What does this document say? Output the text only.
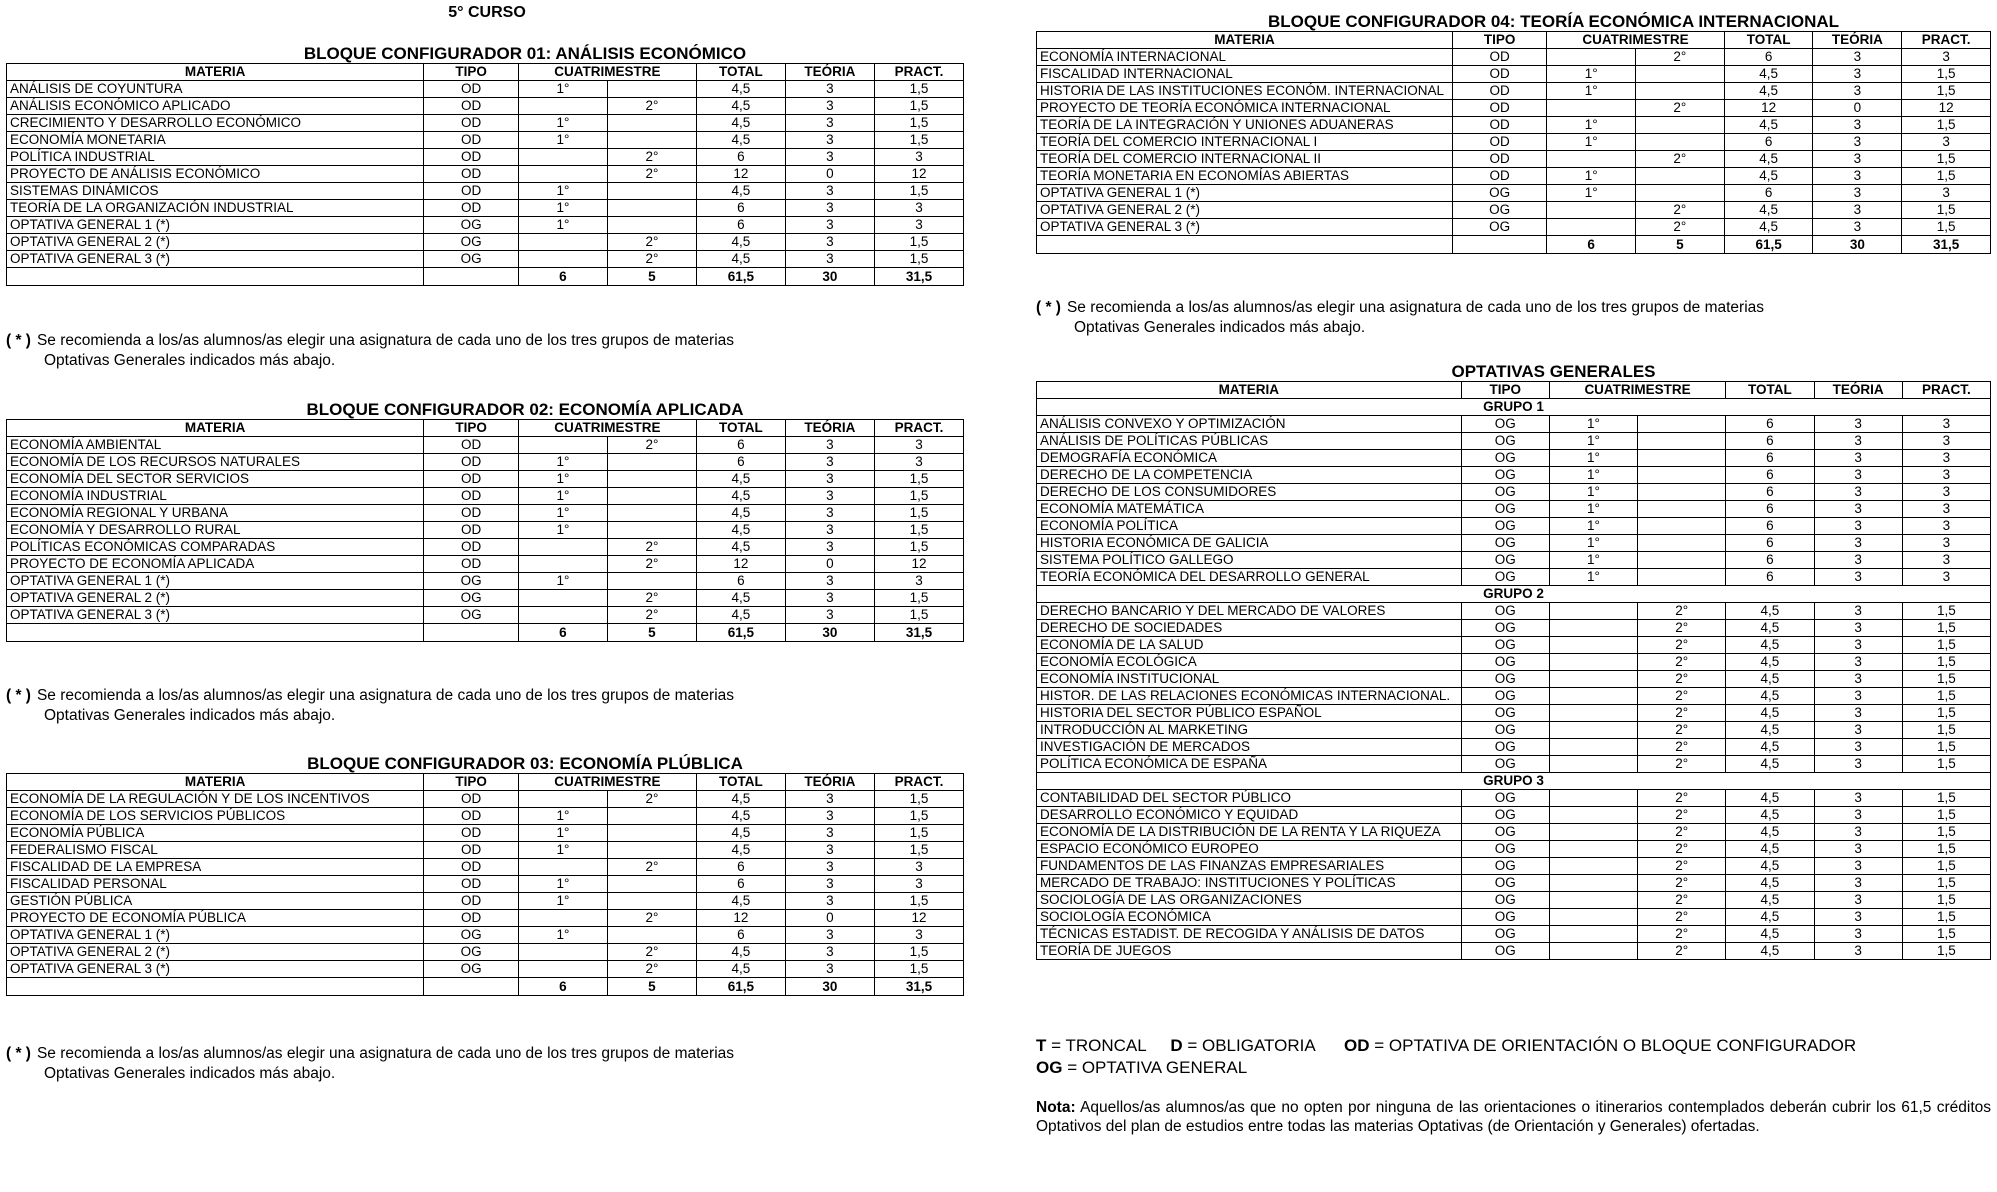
5° CURSO
BLOQUE CONFIGURADOR 01: ANÁLISIS ECONÓMICO
MATERIA	TIPO	CUATRIMESTRE		TOTAL	TEÓRIA	PRACT.
ANÁLISIS DE COYUNTURA	OD	1°		4,5	3	1,5
ANÁLISIS ECONÓMICO APLICADO	OD		2°	4,5	3	1,5
CRECIMIENTO Y DESARROLLO ECONÓMICO	OD	1°		4,5	3	1,5
ECONOMÍA MONETARIA	OD	1°		4,5	3	1,5
POLÍTICA INDUSTRIAL	OD		2°	6	3	3
PROYECTO DE ANÁLISIS ECONÓMICO	OD		2°	12	0	12
SISTEMAS DINÁMICOS	OD	1°		4,5	3	1,5
TEORÍA DE LA ORGANIZACIÓN INDUSTRIAL	OD	1°		6	3	3
OPTATIVA GENERAL 1 (*)	OG	1°		6	3	3
OPTATIVA GENERAL 2 (*)	OG		2°	4,5	3	1,5
OPTATIVA GENERAL 3 (*)	OG		2°	4,5	3	1,5
		6	5	61,5	30	31,5
( * ) Se recomienda a los/as alumnos/as elegir una asignatura de cada uno de los tres grupos de materias
Optativas Generales indicados más abajo.
BLOQUE CONFIGURADOR 02: ECONOMÍA APLICADA
MATERIA	TIPO	CUATRIMESTRE		TOTAL	TEÓRIA	PRACT.
ECONOMÍA AMBIENTAL	OD		2°	6	3	3
ECONOMÍA DE LOS RECURSOS NATURALES	OD	1°		6	3	3
ECONOMÍA DEL SECTOR SERVICIOS	OD	1°		4,5	3	1,5
ECONOMÍA INDUSTRIAL	OD	1°		4,5	3	1,5
ECONOMÍA REGIONAL Y URBANA	OD	1°		4,5	3	1,5
ECONOMÍA Y DESARROLLO RURAL	OD	1°		4,5	3	1,5
POLÍTICAS ECONÓMICAS COMPARADAS	OD		2°	4,5	3	1,5
PROYECTO DE ECONOMÍA APLICADA	OD		2°	12	0	12
OPTATIVA GENERAL 1 (*)	OG	1°		6	3	3
OPTATIVA GENERAL 2 (*)	OG		2°	4,5	3	1,5
OPTATIVA GENERAL 3 (*)	OG		2°	4,5	3	1,5
		6	5	61,5	30	31,5
( * ) Se recomienda a los/as alumnos/as elegir una asignatura de cada uno de los tres grupos de materias
Optativas Generales indicados más abajo.
BLOQUE CONFIGURADOR 03: ECONOMÍA PLÚBLICA
MATERIA	TIPO	CUATRIMESTRE		TOTAL	TEÓRIA	PRACT.
ECONOMÍA DE LA REGULACIÓN Y DE LOS INCENTIVOS	OD		2°	4,5	3	1,5
ECONOMÍA DE LOS SERVICIOS PÚBLICOS	OD	1°		4,5	3	1,5
ECONOMÍA PÚBLICA	OD	1°		4,5	3	1,5
FEDERALISMO FISCAL	OD	1°		4,5	3	1,5
FISCALIDAD DE LA EMPRESA	OD		2°	6	3	3
FISCALIDAD PERSONAL	OD	1°		6	3	3
GESTIÓN PÚBLICA	OD	1°		4,5	3	1,5
PROYECTO DE ECONOMÍA PÚBLICA	OD		2°	12	0	12
OPTATIVA GENERAL 1 (*)	OG	1°		6	3	3
OPTATIVA GENERAL 2 (*)	OG		2°	4,5	3	1,5
OPTATIVA GENERAL 3 (*)	OG		2°	4,5	3	1,5
		6	5	61,5	30	31,5
( * ) Se recomienda a los/as alumnos/as elegir una asignatura de cada uno de los tres grupos de materias
Optativas Generales indicados más abajo.
BLOQUE CONFIGURADOR 04: TEORÍA ECONÓMICA INTERNACIONAL
MATERIA	TIPO	CUATRIMESTRE		TOTAL	TEÓRIA	PRACT.
ECONOMÍA INTERNACIONAL	OD		2°	6	3	3
FISCALIDAD INTERNACIONAL	OD	1°		4,5	3	1,5
HISTORIA DE LAS INSTITUCIONES ECONÓM. INTERNACIONAL	OD	1°		4,5	3	1,5
PROYECTO DE TEORÍA ECONÓMICA INTERNACIONAL	OD		2°	12	0	12
TEORÍA DE LA INTEGRACIÓN Y UNIONES ADUANERAS	OD	1°		4,5	3	1,5
TEORÍA DEL COMERCIO INTERNACIONAL I	OD	1°		6	3	3
TEORÍA DEL COMERCIO INTERNACIONAL II	OD		2°	4,5	3	1,5
TEORÍA MONETARIA EN ECONOMÍAS ABIERTAS	OD	1°		4,5	3	1,5
OPTATIVA GENERAL 1 (*)	OG	1°		6	3	3
OPTATIVA GENERAL 2 (*)	OG		2°	4,5	3	1,5
OPTATIVA GENERAL 3 (*)	OG		2°	4,5	3	1,5
		6	5	61,5	30	31,5
( * ) Se recomienda a los/as alumnos/as elegir una asignatura de cada uno de los tres grupos de materias
Optativas Generales indicados más abajo.
OPTATIVAS GENERALES
MATERIA	TIPO	CUATRIMESTRE		TOTAL	TEÓRIA	PRACT.
GRUPO 1						
ANÁLISIS CONVEXO Y OPTIMIZACIÓN	OG	1°		6	3	3
ANÁLISIS DE POLÍTICAS PÚBLICAS	OG	1°		6	3	3
DEMOGRAFÍA ECONÓMICA	OG	1°		6	3	3
DERECHO DE LA COMPETENCIA	OG	1°		6	3	3
DERECHO DE LOS CONSUMIDORES	OG	1°		6	3	3
ECONOMÍA MATEMÁTICA	OG	1°		6	3	3
ECONOMÍA POLÍTICA	OG	1°		6	3	3
HISTORIA ECONÓMICA DE GALICIA	OG	1°		6	3	3
SISTEMA POLÍTICO GALLEGO	OG	1°		6	3	3
TEORÍA ECONÓMICA DEL DESARROLLO GENERAL	OG	1°		6	3	3
GRUPO 2						
DERECHO BANCARIO Y DEL MERCADO DE VALORES	OG		2°	4,5	3	1,5
DERECHO DE SOCIEDADES	OG		2°	4,5	3	1,5
ECONOMÍA DE LA SALUD	OG		2°	4,5	3	1,5
ECONOMÍA ECOLÓGICA	OG		2°	4,5	3	1,5
ECONOMÍA INSTITUCIONAL	OG		2°	4,5	3	1,5
HISTOR. DE LAS RELACIONES ECONÓMICAS INTERNACIONAL.	OG		2°	4,5	3	1,5
HISTORIA DEL SECTOR PÚBLICO ESPAÑOL	OG		2°	4,5	3	1,5
INTRODUCCIÓN AL MARKETING	OG		2°	4,5	3	1,5
INVESTIGACIÓN DE MERCADOS	OG		2°	4,5	3	1,5
POLÍTICA ECONÓMICA DE ESPAÑA	OG		2°	4,5	3	1,5
GRUPO 3						
CONTABILIDAD DEL SECTOR PÚBLICO	OG		2°	4,5	3	1,5
DESARROLLO ECONÓMICO Y EQUIDAD	OG		2°	4,5	3	1,5
ECONOMÍA DE LA DISTRIBUCIÓN DE LA RENTA Y LA RIQUEZA	OG		2°	4,5	3	1,5
ESPACIO ECONÓMICO EUROPEO	OG		2°	4,5	3	1,5
FUNDAMENTOS DE LAS FINANZAS EMPRESARIALES	OG		2°	4,5	3	1,5
MERCADO DE TRABAJO: INSTITUCIONES Y POLÍTICAS	OG		2°	4,5	3	1,5
SOCIOLOGÍA DE LAS ORGANIZACIONES	OG		2°	4,5	3	1,5
SOCIOLOGÍA ECONÓMICA	OG		2°	4,5	3	1,5
TÉCNICAS ESTADIST. DE RECOGIDA Y ANÁLISIS DE DATOS	OG		2°	4,5	3	1,5
TEORÍA DE JUEGOS	OG		2°	4,5	3	1,5
T = TRONCAL D = OBLIGATORIA OD = OPTATIVA DE ORIENTACIÓN O BLOQUE CONFIGURADOR
OG = OPTATIVA GENERAL
Nota: Aquellos/as alumnos/as que no opten por ninguna de las orientaciones o itinerarios contemplados deberán cubrir los 61,5 créditos Optativos del plan de estudios entre todas las materias Optativas (de Orientación y Generales) ofertadas.
